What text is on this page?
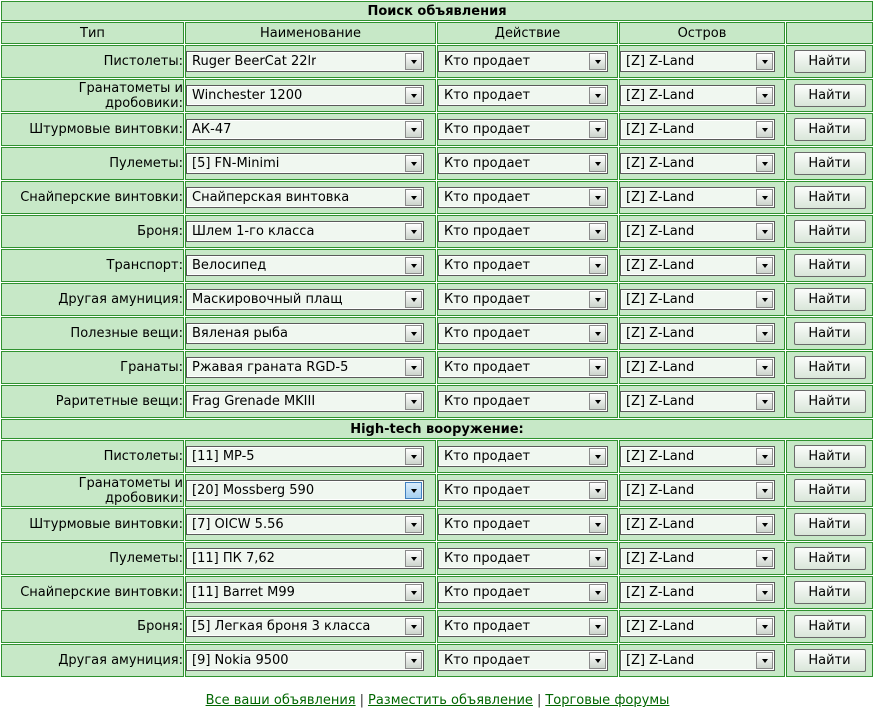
Поиск объявления				
Тип	Наименование	Действие	Остров	
Пистолеты:	Ruger BeerCat 22lr	Кто продает	[Z] Z-Land	Найти
Гранатометы и дробовики:	Winchester 1200	Кто продает	[Z] Z-Land	Найти
Штурмовые винтовки:	АК-47	Кто продает	[Z] Z-Land	Найти
Пулеметы:	[5] FN-Minimi	Кто продает	[Z] Z-Land	Найти
Снайперские винтовки:	Снайперская винтовка	Кто продает	[Z] Z-Land	Найти
Броня:	Шлем 1-го класса	Кто продает	[Z] Z-Land	Найти
Транспорт:	Велосипед	Кто продает	[Z] Z-Land	Найти
Другая амуниция:	Маскировочный плащ	Кто продает	[Z] Z-Land	Найти
Полезные вещи:	Вяленая рыба	Кто продает	[Z] Z-Land	Найти
Гранаты:	Ржавая граната RGD-5	Кто продает	[Z] Z-Land	Найти
Раритетные вещи:	Frag Grenade MKIII	Кто продает	[Z] Z-Land	Найти
High-tech вооружение:				
Пистолеты:	[11] MP-5	Кто продает	[Z] Z-Land	Найти
Гранатометы и дробовики:	[20] Mossberg 590	Кто продает	[Z] Z-Land	Найти
Штурмовые винтовки:	[7] OICW 5.56	Кто продает	[Z] Z-Land	Найти
Пулеметы:	[11] ПК 7,62	Кто продает	[Z] Z-Land	Найти
Снайперские винтовки:	[11] Barret M99	Кто продает	[Z] Z-Land	Найти
Броня:	[5] Легкая броня 3 класса	Кто продает	[Z] Z-Land	Найти
Другая амуниция:	[9] Nokia 9500	Кто продает	[Z] Z-Land	Найти
Все ваши объявления | Разместить объявление | Торговые форумы
